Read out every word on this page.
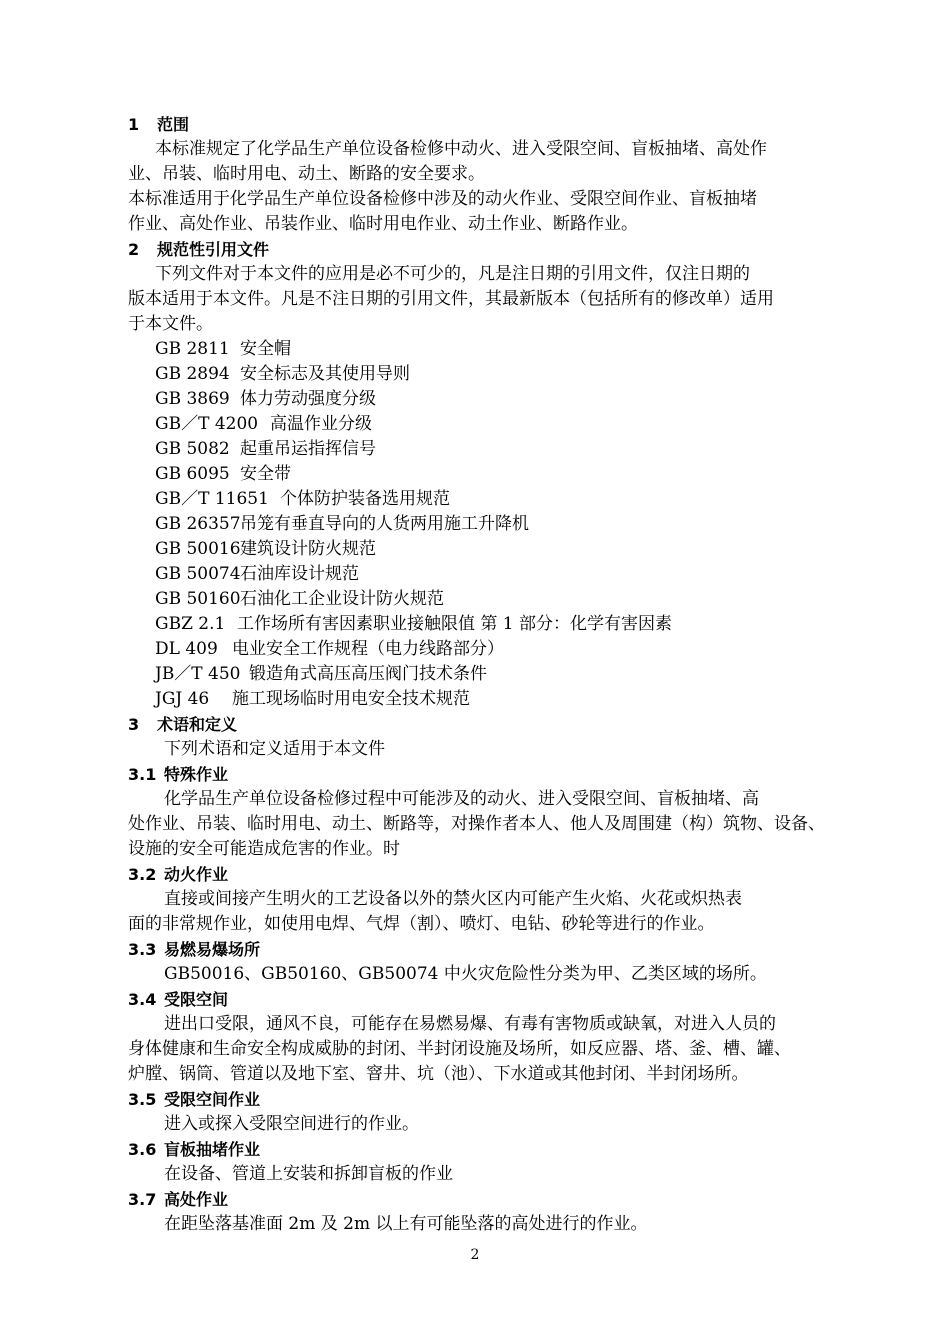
1 范围
本标准规定了化学品生产单位设备检修中动火、进入受限空间、盲板抽堵、高处作
业、吊装、临时用电、动土、断路的安全要求。
本标准适用于化学品生产单位设备检修中涉及的动火作业、受限空间作业、盲板抽堵
作业、高处作业、吊装作业、临时用电作业、动土作业、断路作业。
2 规范性引用文件
下列文件对于本文件的应用是必不可少的，凡是注日期的引用文件，仅注日期的
版本适用于本文件。凡是不注日期的引用文件，其最新版本（包括所有的修改单）适用
于本文件。
GB 2811 安全帽
GB 2894 安全标志及其使用导则
GB 3869 体力劳动强度分级
GB／T 4200 高温作业分级
GB 5082 起重吊运指挥信号
GB 6095 安全带
GB／T 11651 个体防护装备选用规范
GB 26357吊笼有垂直导向的人货两用施工升降机
GB 50016建筑设计防火规范
GB 50074石油库设计规范
GB 50160石油化工企业设计防火规范
GBZ 2.1 工作场所有害因素职业接触限值 第 1 部分：化学有害因素
DL 409 电业安全工作规程（电力线路部分）
JB／T 450 锻造角式高压高压阀门技术条件
JGJ 46 施工现场临时用电安全技术规范
3 术语和定义
下列术语和定义适用于本文件
3.1 特殊作业
化学品生产单位设备检修过程中可能涉及的动火、进入受限空间、盲板抽堵、高
处作业、吊装、临时用电、动土、断路等，对操作者本人、他人及周围建（构）筑物、设备、
设施的安全可能造成危害的作业。时
3.2 动火作业
直接或间接产生明火的工艺设备以外的禁火区内可能产生火焰、火花或炽热表
面的非常规作业，如使用电焊、气焊（割）、喷灯、电钻、砂轮等进行的作业。
3.3 易燃易爆场所
GB50016、GB50160、GB50074 中火灾危险性分类为甲、乙类区域的场所。
3.4 受限空间
进出口受限，通风不良，可能存在易燃易爆、有毒有害物质或缺氧，对进入人员的
身体健康和生命安全构成威胁的封闭、半封闭设施及场所，如反应器、塔、釜、槽、罐、
炉膛、锅筒、管道以及地下室、窨井、坑（池）、下水道或其他封闭、半封闭场所。
3.5 受限空间作业
进入或探入受限空间进行的作业。
3.6 盲板抽堵作业
在设备、管道上安装和拆卸盲板的作业
3.7 高处作业
在距坠落基准面 2m 及 2m 以上有可能坠落的高处进行的作业。
2
